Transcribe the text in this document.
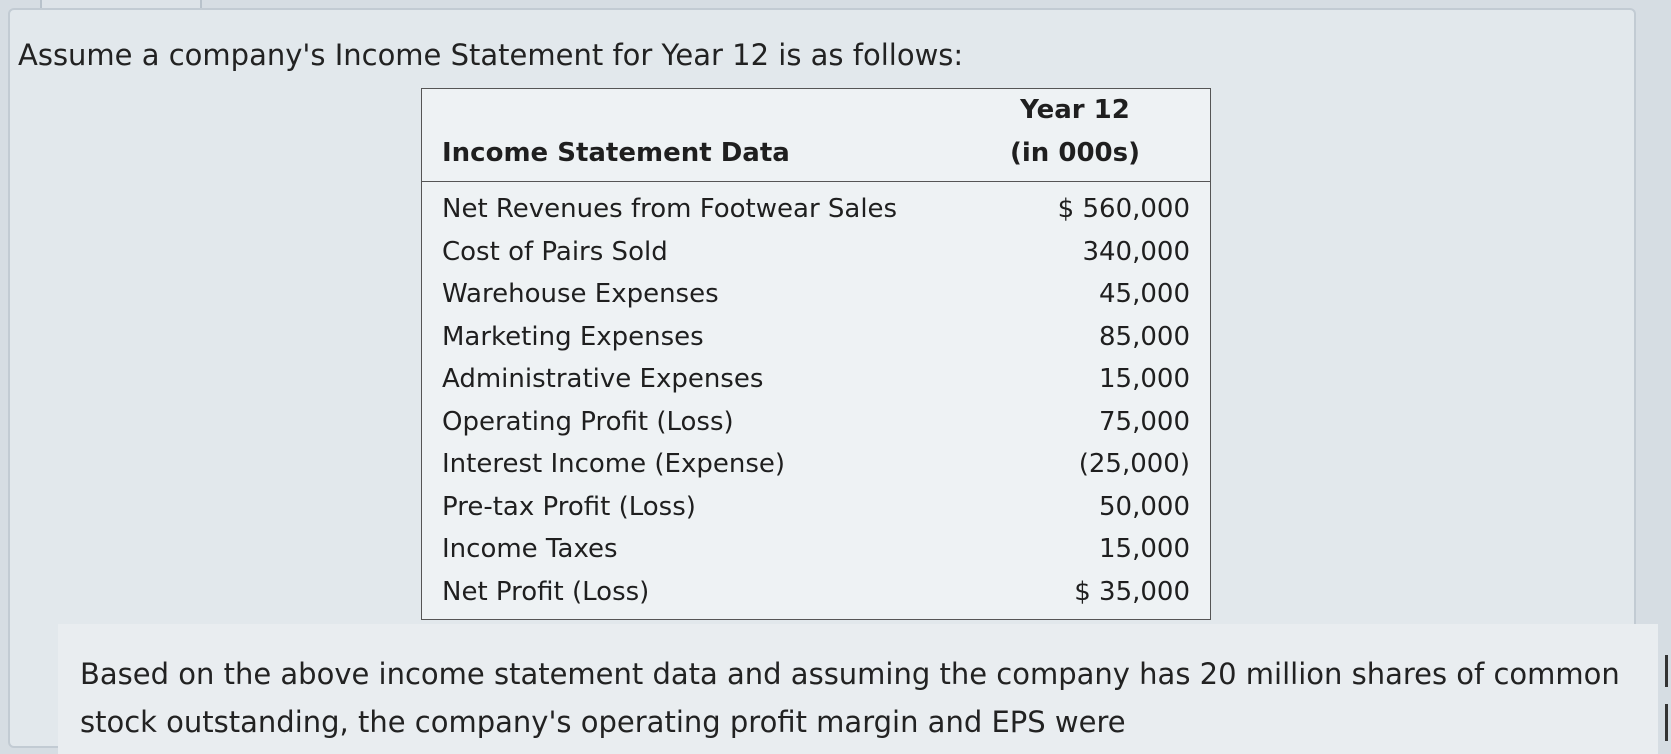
Assume a company's Income Statement for Year 12 is as follows:
Income Statement Data	Year 12
(in 000s)
Net Revenues from Footwear Sales	$ 560,000
Cost of Pairs Sold	340,000
Warehouse Expenses	45,000
Marketing Expenses	85,000
Administrative Expenses	15,000
Operating Profit (Loss)	75,000
Interest Income (Expense)	(25,000)
Pre-tax Profit (Loss)	50,000
Income Taxes	15,000
Net Profit (Loss)	$ 35,000
Based on the above income statement data and assuming the company has 20 million shares of common stock outstanding, the company's operating profit margin and EPS were
